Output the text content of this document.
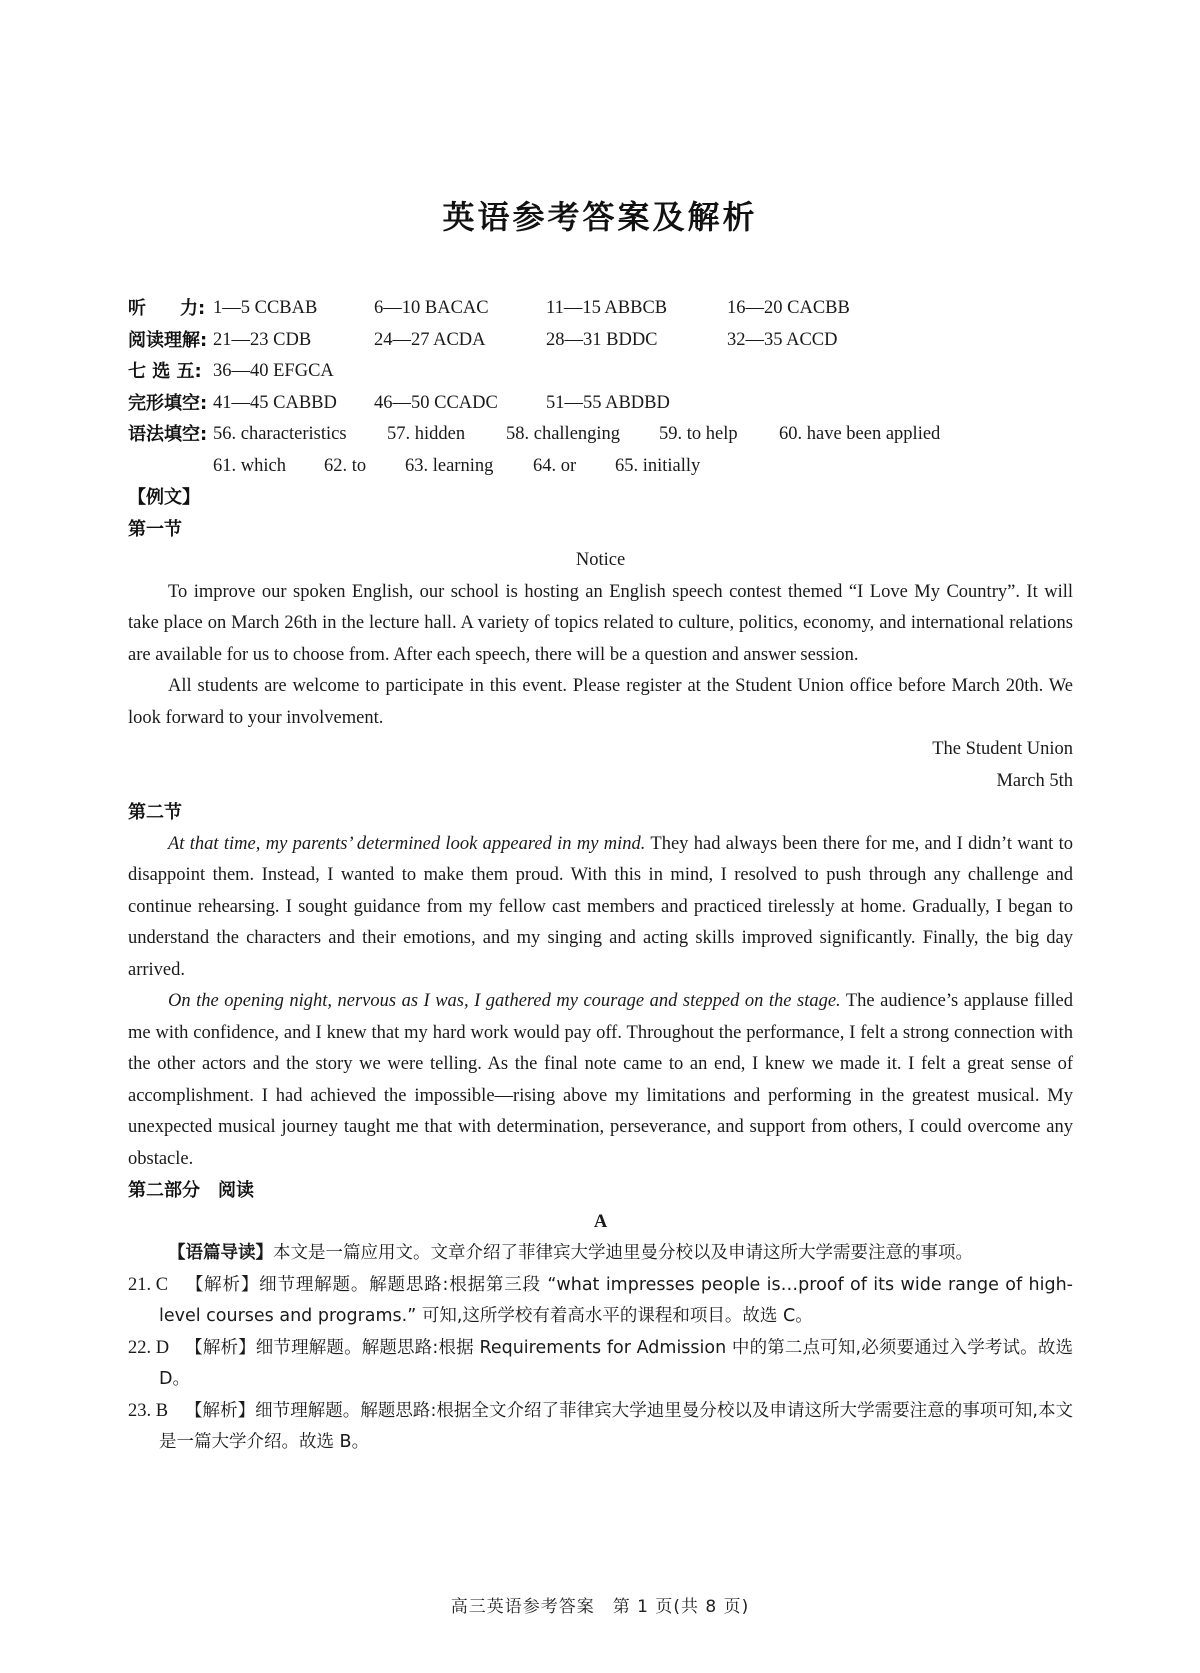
英语参考答案及解析
听 力: 1—5 CCBAB	6—10 BACAC	11—15 ABBCB	16—20 CACBB
阅读理解: 21—23 CDB	24—27 ACDA	28—31 BDDC	32—35 ACCD
七 选 五: 36—40 EFGCA
完形填空: 41—45 CABBD 46—50 CCADC	51—55 ABDBD
语法填空: 56. characteristics 57. hidden 58. challenging 59. to help 60. have been applied
61. which 62. to 63. learning 64. or 65. initially
【例文】
第一节
Notice

To improve our spoken English, our school is hosting an English speech contest themed “I Love My Country”. It will take place on March 26th in the lecture hall. A variety of topics related to culture, politics, economy, and international relations are available for us to choose from. After each speech, there will be a question and answer session.

All students are welcome to participate in this event. Please register at the Student Union office before March 20th. We look forward to your involvement.

The Student Union
March 5th
第二节

At that time, my parents’ determined look appeared in my mind. They had always been there for me, and I didn’t want to disappoint them. Instead, I wanted to make them proud. With this in mind, I resolved to push through any challenge and continue rehearsing. I sought guidance from my fellow cast members and practiced tirelessly at home. Gradually, I began to understand the characters and their emotions, and my singing and acting skills improved significantly. Finally, the big day arrived.

On the opening night, nervous as I was, I gathered my courage and stepped on the stage. The audience’s applause filled me with confidence, and I knew that my hard work would pay off. Throughout the performance, I felt a strong connection with the other actors and the story we were telling. As the final note came to an end, I knew we made it. I felt a great sense of accomplishment. I had achieved the impossible—rising above my limitations and performing in the greatest musical. My unexpected musical journey taught me that with determination, perseverance, and support from others, I could overcome any obstacle.

第二部分　阅读
A

【语篇导读】本文是一篇应用文。文章介绍了菲律宾大学迪里曼分校以及申请这所大学需要注意的事项。

21. C 【解析】细节理解题。解题思路:根据第三段 “what impresses people is…proof of its wide range of high-level courses and programs.” 可知,这所学校有着高水平的课程和项目。故选 C。
22. D 【解析】细节理解题。解题思路:根据 Requirements for Admission 中的第二点可知,必须要通过入学考试。故选 D。
23. B 【解析】细节理解题。解题思路:根据全文介绍了菲律宾大学迪里曼分校以及申请这所大学需要注意的事项可知,本文是一篇大学介绍。故选 B。
高三英语参考答案　第 1 页(共 8 页)
